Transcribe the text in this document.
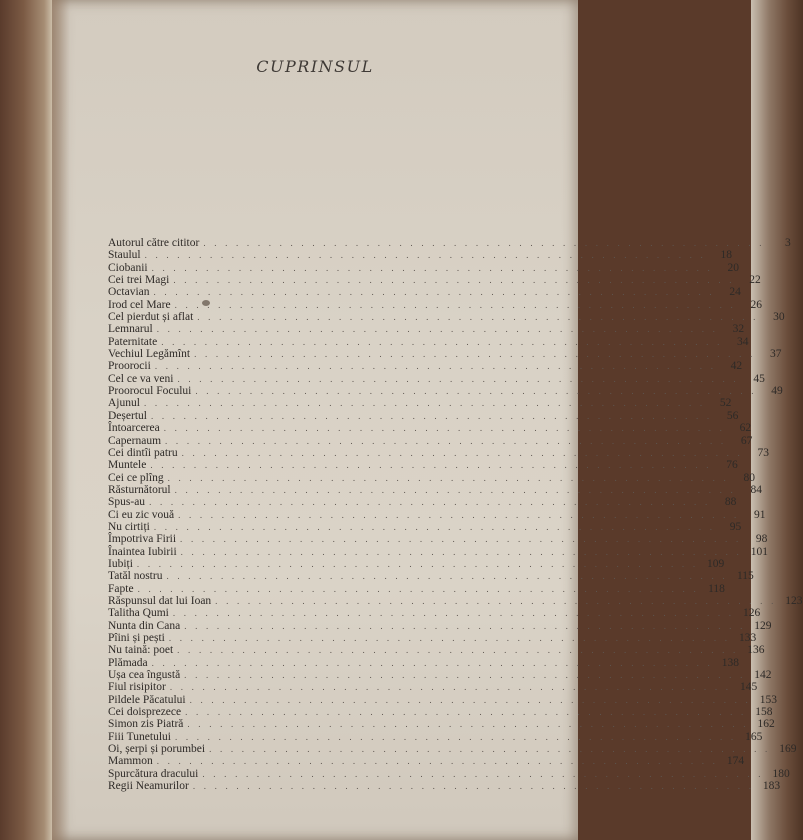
CUPRINSUL
Autorul către cititor . . . . . . . . . . . . . . . . . . . . . . . . . . . . . . . . . . . . . . . . . . . . . . . . . . . .	3
Staulul . . . . . . . . . . . . . . . . . . . . . . . . . . . . . . . . . . . . . . . . . . . . . . . . . . . .	18
Ciobanii . . . . . . . . . . . . . . . . . . . . . . . . . . . . . . . . . . . . . . . . . . . . . . . . . . . .	20
Cei trei Magi . . . . . . . . . . . . . . . . . . . . . . . . . . . . . . . . . . . . . . . . . . . . . . . . . . . .	22
Octavian . . . . . . . . . . . . . . . . . . . . . . . . . . . . . . . . . . . . . . . . . . . . . . . . . . . .	24
Irod cel Mare . . . . . . . . . . . . . . . . . . . . . . . . . . . . . . . . . . . . . . . . . . . . . . . . . . . .	26
Cel pierdut și aflat . . . . . . . . . . . . . . . . . . . . . . . . . . . . . . . . . . . . . . . . . . . . . . . . . . . .	30
Lemnarul . . . . . . . . . . . . . . . . . . . . . . . . . . . . . . . . . . . . . . . . . . . . . . . . . . . .	32
Paternitate . . . . . . . . . . . . . . . . . . . . . . . . . . . . . . . . . . . . . . . . . . . . . . . . . . . .	34
Vechiul Legămînt . . . . . . . . . . . . . . . . . . . . . . . . . . . . . . . . . . . . . . . . . . . . . . . . . . . .	37
Proorocii . . . . . . . . . . . . . . . . . . . . . . . . . . . . . . . . . . . . . . . . . . . . . . . . . . . .	42
Cel ce va veni . . . . . . . . . . . . . . . . . . . . . . . . . . . . . . . . . . . . . . . . . . . . . . . . . . . .	45
Proorocul Focului . . . . . . . . . . . . . . . . . . . . . . . . . . . . . . . . . . . . . . . . . . . . . . . . . . . .	49
Ajunul . . . . . . . . . . . . . . . . . . . . . . . . . . . . . . . . . . . . . . . . . . . . . . . . . . . .	52
Deșertul . . . . . . . . . . . . . . . . . . . . . . . . . . . . . . . . . . . . . . . . . . . . . . . . . . . .	56
Întoarcerea . . . . . . . . . . . . . . . . . . . . . . . . . . . . . . . . . . . . . . . . . . . . . . . . . . . .	62
Capernaum . . . . . . . . . . . . . . . . . . . . . . . . . . . . . . . . . . . . . . . . . . . . . . . . . . . .	67
Cei dintîi patru . . . . . . . . . . . . . . . . . . . . . . . . . . . . . . . . . . . . . . . . . . . . . . . . . . . .	73
Muntele . . . . . . . . . . . . . . . . . . . . . . . . . . . . . . . . . . . . . . . . . . . . . . . . . . . .	76
Cei ce plîng . . . . . . . . . . . . . . . . . . . . . . . . . . . . . . . . . . . . . . . . . . . . . . . . . . . .	80
Răsturnătorul . . . . . . . . . . . . . . . . . . . . . . . . . . . . . . . . . . . . . . . . . . . . . . . . . . . .	84
Spus-au . . . . . . . . . . . . . . . . . . . . . . . . . . . . . . . . . . . . . . . . . . . . . . . . . . . .	88
Ci eu zic vouă . . . . . . . . . . . . . . . . . . . . . . . . . . . . . . . . . . . . . . . . . . . . . . . . . . . .	91
Nu cirtiți . . . . . . . . . . . . . . . . . . . . . . . . . . . . . . . . . . . . . . . . . . . . . . . . . . . .	95
Împotriva Firii . . . . . . . . . . . . . . . . . . . . . . . . . . . . . . . . . . . . . . . . . . . . . . . . . . . .	98
Înaintea Iubirii . . . . . . . . . . . . . . . . . . . . . . . . . . . . . . . . . . . . . . . . . . . . . . . . . . . . 101
Iubiți . . . . . . . . . . . . . . . . . . . . . . . . . . . . . . . . . . . . . . . . . . . . . . . . . . . . 109
Tatăl nostru . . . . . . . . . . . . . . . . . . . . . . . . . . . . . . . . . . . . . . . . . . . . . . . . . . . . 115
Fapte . . . . . . . . . . . . . . . . . . . . . . . . . . . . . . . . . . . . . . . . . . . . . . . . . . . . 118
Răspunsul dat lui Ioan . . . . . . . . . . . . . . . . . . . . . . . . . . . . . . . . . . . . . . . . . . . . . . . . . . . . 123
Talitha Qumi . . . . . . . . . . . . . . . . . . . . . . . . . . . . . . . . . . . . . . . . . . . . . . . . . . . . 126
Nunta din Cana . . . . . . . . . . . . . . . . . . . . . . . . . . . . . . . . . . . . . . . . . . . . . . . . . . . . 129
Pîini și pești . . . . . . . . . . . . . . . . . . . . . . . . . . . . . . . . . . . . . . . . . . . . . . . . . . . . 133
Nu taină: poet . . . . . . . . . . . . . . . . . . . . . . . . . . . . . . . . . . . . . . . . . . . . . . . . . . . . 136
Plămada . . . . . . . . . . . . . . . . . . . . . . . . . . . . . . . . . . . . . . . . . . . . . . . . . . . . 138
Ușa cea îngustă . . . . . . . . . . . . . . . . . . . . . . . . . . . . . . . . . . . . . . . . . . . . . . . . . . . . 142
Fiul risipitor . . . . . . . . . . . . . . . . . . . . . . . . . . . . . . . . . . . . . . . . . . . . . . . . . . . . 145
Pildele Păcatului . . . . . . . . . . . . . . . . . . . . . . . . . . . . . . . . . . . . . . . . . . . . . . . . . . . . 153
Cei doisprezece . . . . . . . . . . . . . . . . . . . . . . . . . . . . . . . . . . . . . . . . . . . . . . . . . . . . 158
Simon zis Piatră . . . . . . . . . . . . . . . . . . . . . . . . . . . . . . . . . . . . . . . . . . . . . . . . . . . . 162
Fiii Tunetului . . . . . . . . . . . . . . . . . . . . . . . . . . . . . . . . . . . . . . . . . . . . . . . . . . . . 165
Oi, șerpi și porumbei . . . . . . . . . . . . . . . . . . . . . . . . . . . . . . . . . . . . . . . . . . . . . . . . . . . . 169
Mammon . . . . . . . . . . . . . . . . . . . . . . . . . . . . . . . . . . . . . . . . . . . . . . . . . . . . 174
Spurcătura dracului . . . . . . . . . . . . . . . . . . . . . . . . . . . . . . . . . . . . . . . . . . . . . . . . . . . . 180
Regii Neamurilor . . . . . . . . . . . . . . . . . . . . . . . . . . . . . . . . . . . . . . . . . . . . . . . . . . . . 183
